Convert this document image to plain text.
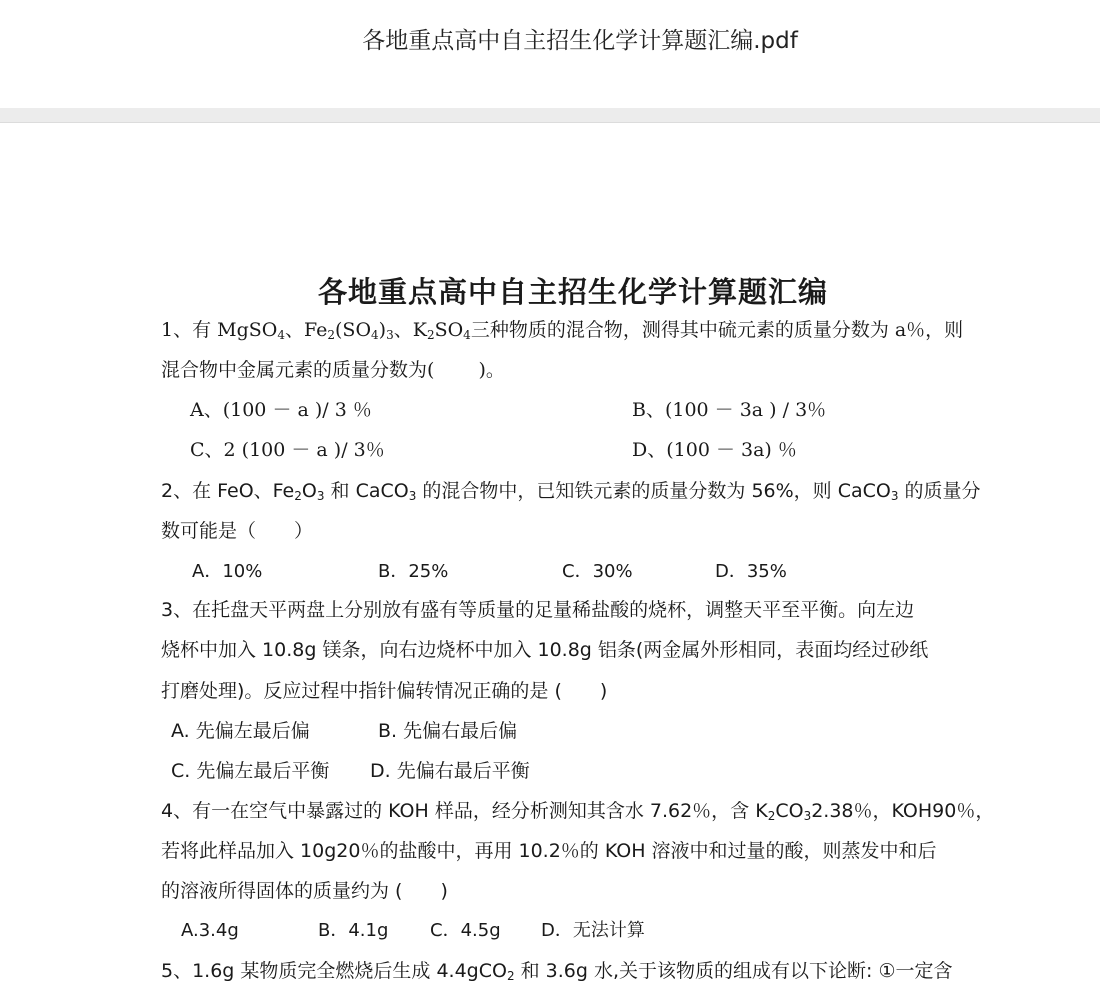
各地重点高中自主招生化学计算题汇编.pdf
各地重点高中自主招生化学计算题汇编
1、有 MgSO$_4$、$Fe_2(SO_4)_3$、$K_2SO_4$三种物质的混合物，测得其中硫元素的质量分数为 a％，则
混合物中金属元素的质量分数为(　　 )。
A、(100 － a )/ 3 ％	B、(100 － 3a ) / 3％
C、2 (100 － a )/ 3％	D、(100 － 3a) ％
2、在 FeO、$Fe_2O_3$ 和 CaCO$_3$ 的混合物中，已知铁元素的质量分数为 56%，则 CaCO$_3$ 的质量分
数可能是（　　）
A．10%	B．25%	C．30%	D．35%
3、在托盘天平两盘上分别放有盛有等质量的足量稀盐酸的烧杯，调整天平至平衡。向左边
烧杯中加入 10.8g 镁条，向右边烧杯中加入 10.8g 铝条(两金属外形相同，表面均经过砂纸
打磨处理)。反应过程中指针偏转情况正确的是 (　　)
A. 先偏左最后偏	B. 先偏右最后偏
C. 先偏左最后平衡 D. 先偏右最后平衡
4、有一在空气中暴露过的 KOH 样品，经分析测知其含水 7.62％，含 $K_2CO_32.38$％，KOH90％，
若将此样品加入 10g20％的盐酸中，再用 10.2％的 KOH 溶液中和过量的酸，则蒸发中和后
的溶液所得固体的质量约为 (　　)
A.3.4g	B．4.1g C．4.5g D．无法计算
5、1.6g 某物质完全燃烧后生成 4.4gCO$_2$ 和 3.6g 水,关于该物质的组成有以下论断: ①一定含
